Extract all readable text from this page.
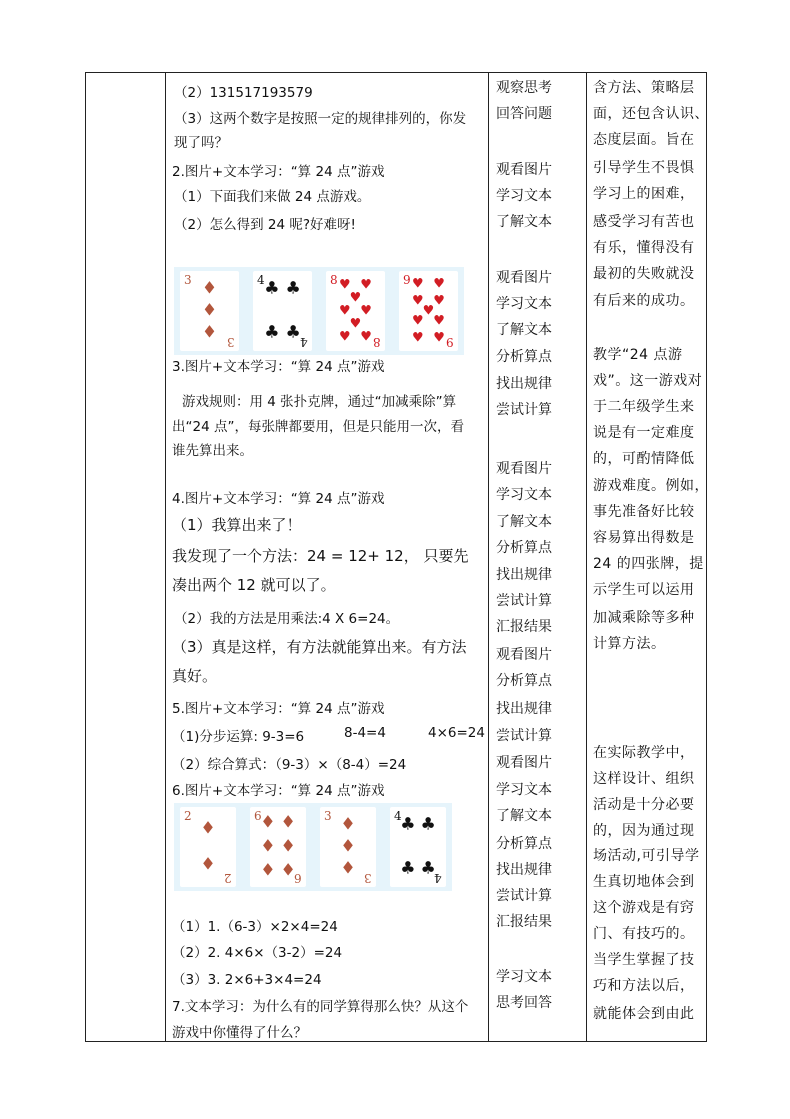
（2）131517193579
（3）这两个数字是按照一定的规律排列的，你发
现了吗？
2.图片+文本学习：“算 24 点”游戏
（1）下面我们来做 24 点游戏。
（2）怎么得到 24 呢?好难呀!
3
3
♦
♦
♦
4
4
♣ ♣
♣ ♣
8
8
♥ ♥
♥
♥ ♥
♥
♥ ♥
9
9
♥ ♥
♥ ♥
♥
♥ ♥
♥ ♥
3.图片+文本学习：“算 24 点”游戏
游戏规则：用 4 张扑克牌，通过“加减乘除”算
出“24 点”，每张牌都要用，但是只能用一次，看
谁先算出来。
4.图片+文本学习：“算 24 点”游戏
（1）我算出来了！
我发现了一个方法：24 = 12+ 12， 只要先
凑出两个 12 就可以了。
（2）我的方法是用乘法:4 X 6=24。
（3）真是这样，有方法就能算出来。有方法
真好。
5.图片+文本学习：“算 24 点”游戏
（1)分步运算: 9-3=6	8-4=4	4×6=24
（2）综合算式：（9-3）×（8-4）=24
6.图片+文本学习：“算 24 点”游戏
2
2
♦
♦
6
6
♦ ♦
♦ ♦
♦ ♦
3
3
♦
♦
♦
4
4
♣ ♣
♣ ♣
（1）1.（6-3）×2×4=24
（2）2. 4×6×（3-2）=24
（3）3. 2×6+3×4=24
7.文本学习：为什么有的同学算得那么快？从这个
游戏中你懂得了什么？
观察思考
回答问题
观看图片
学习文本
了解文本
观看图片
学习文本
了解文本
分析算点
找出规律
尝试计算
观看图片
学习文本
了解文本
分析算点
找出规律
尝试计算
汇报结果
观看图片
分析算点
找出规律
尝试计算
观看图片
学习文本
了解文本
分析算点
找出规律
尝试计算
汇报结果
学习文本
思考回答
含方法、策略层
面，还包含认识、
态度层面。旨在
引导学生不畏惧
学习上的困难，
感受学习有苦也
有乐，懂得没有
最初的失败就没
有后来的成功。
教学“24 点游
戏”。这一游戏对
于二年级学生来
说是有一定难度
的，可酌情降低
游戏难度。例如，
事先准备好比较
容易算出得数是
24 的四张牌，提
示学生可以运用
加减乘除等多种
计算方法。
在实际教学中，
这样设计、组织
活动是十分必要
的，因为通过现
场活动,可引导学
生真切地体会到
这个游戏是有窍
门、有技巧的。
当学生掌握了技
巧和方法以后，
就能体会到由此
